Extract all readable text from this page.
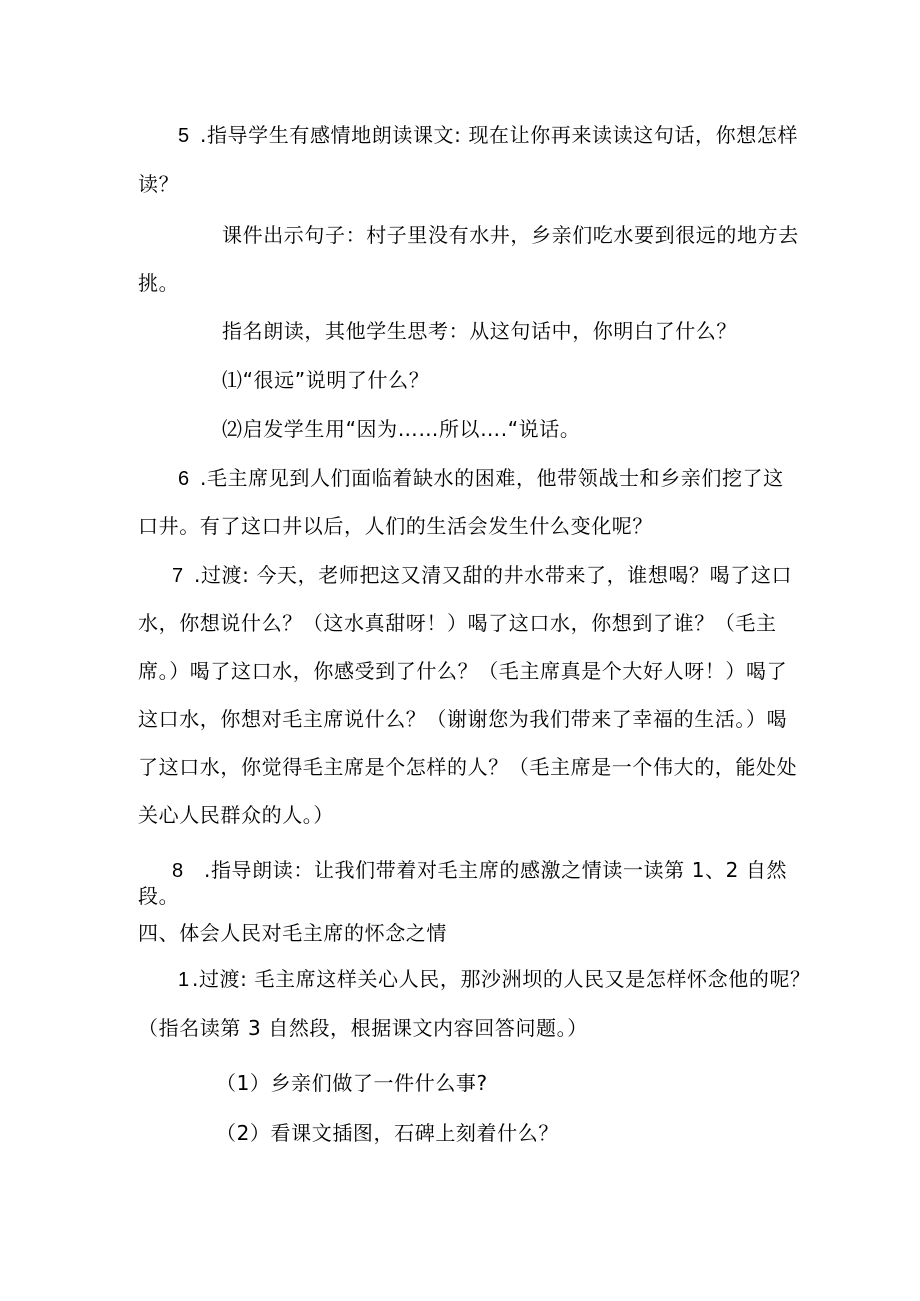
5 .指导学生有感情地朗读课文: 现在让你再来读读这句话，你想怎样

读？

课件出示句子：村子里没有水井，乡亲们吃水要到很远的地方去

挑。

指名朗读，其他学生思考：从这句话中，你明白了什么？

⑴“很远”说明了什么？

⑵启发学生用“因为……所以….“说话。

6 .毛主席见到人们面临着缺水的困难，他带领战士和乡亲们挖了这

口井。有了这口井以后，人们的生活会发生什么变化呢？

7 .过渡: 今天，老师把这又清又甜的井水带来了，谁想喝？喝了这口

水，你想说什么？（这水真甜呀！）喝了这口水，你想到了谁？（毛主

席。）喝了这口水，你感受到了什么？（毛主席真是个大好人呀！）喝了

这口水，你想对毛主席说什么？（谢谢您为我们带来了幸福的生活。）喝

了这口水，你觉得毛主席是个怎样的人？（毛主席是一个伟大的，能处处

关心人民群众的人。）

8 .指导朗读：让我们带着对毛主席的感激之情读一读第 1、2 自然

段。

四、体会人民对毛主席的怀念之情

1 .过渡: 毛主席这样关心人民，那沙洲坝的人民又是怎样怀念他的呢？

（指名读第 3 自然段，根据课文内容回答问题。）

（1）乡亲们做了一件什么事?

（2）看课文插图，石碑上刻着什么？
